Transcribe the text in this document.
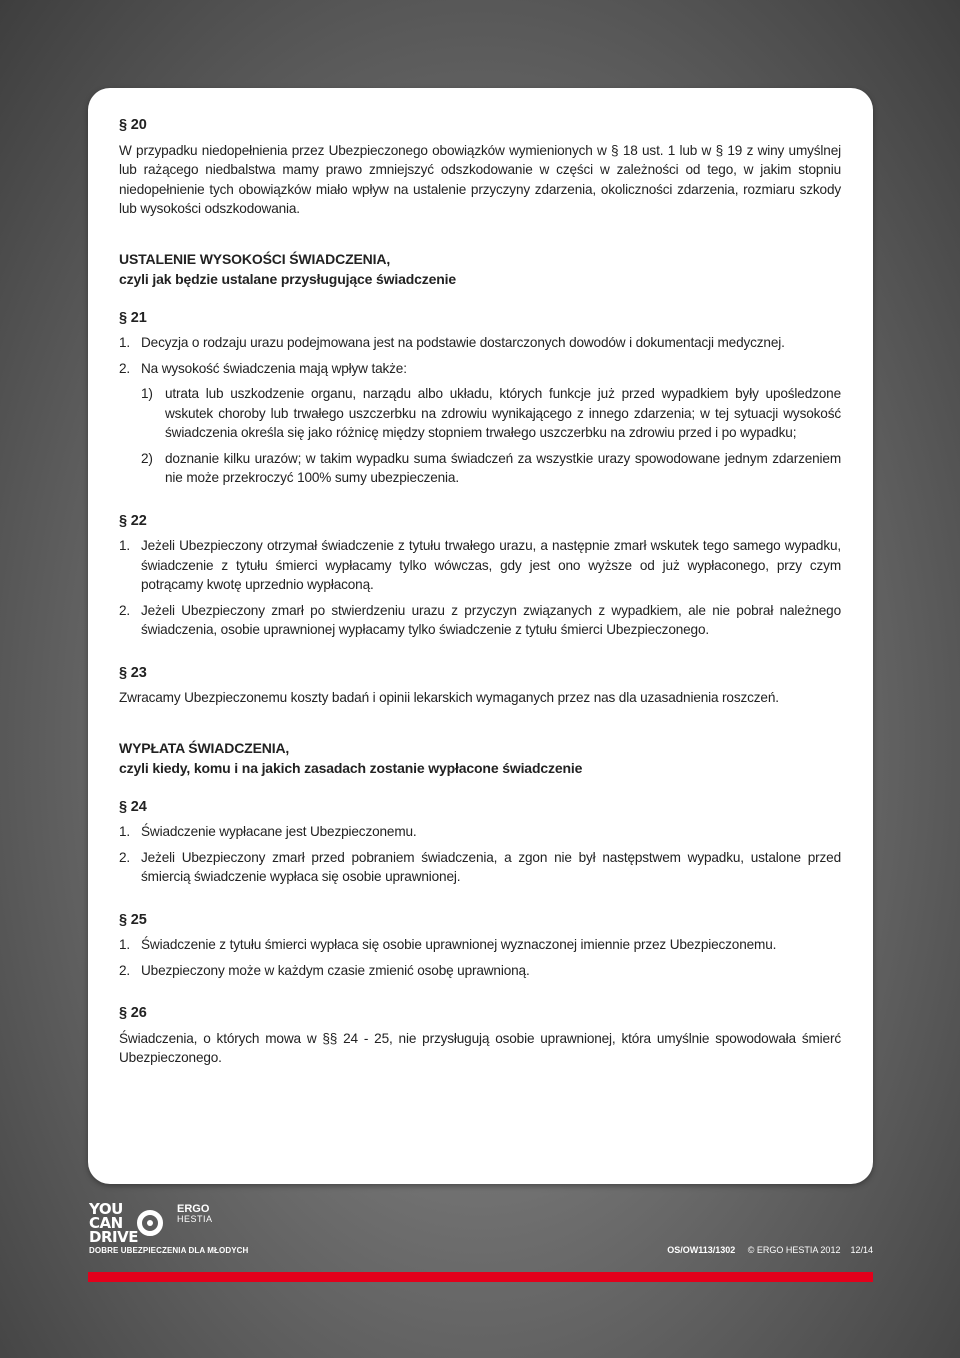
§ 20

W przypadku niedopełnienia przez Ubezpieczonego obowiązków wymienionych w § 18 ust. 1 lub w § 19 z winy umyślnej lub rażącego niedbalstwa mamy prawo zmniejszyć odszkodowanie w części w zależności od tego, w jakim stopniu niedopełnienie tych obowiązków miało wpływ na ustalenie przyczyny zdarzenia, okoliczności zdarzenia, rozmiaru szkody lub wysokości odszkodowania.

USTALENIE WYSOKOŚCI ŚWIADCZENIA,

czyli jak będzie ustalane przysługujące świadczenie

§ 21

1. Decyzja o rodzaju urazu podejmowana jest na podstawie dostarczonych dowodów i dokumentacji medycznej.
2. Na wysokość świadczenia mają wpływ także:
1) utrata lub uszkodzenie organu, narządu albo układu, których funkcje już przed wypadkiem były upośledzone wskutek choroby lub trwałego uszczerbku na zdrowiu wynikającego z innego zdarzenia; w tej sytuacji wysokość świadczenia określa się jako różnicę między stopniem trwałego uszczerbku na zdrowiu przed i po wypadku;
2) doznanie kilku urazów; w takim wypadku suma świadczeń za wszystkie urazy spowodowane jednym zdarzeniem nie może przekroczyć 100% sumy ubezpieczenia.

§ 22

1. Jeżeli Ubezpieczony otrzymał świadczenie z tytułu trwałego urazu, a następnie zmarł wskutek tego samego wypadku, świadczenie z tytułu śmierci wypłacamy tylko wówczas, gdy jest ono wyższe od już wypłaconego, przy czym potrącamy kwotę uprzednio wypłaconą.
2. Jeżeli Ubezpieczony zmarł po stwierdzeniu urazu z przyczyn związanych z wypadkiem, ale nie pobrał należnego świadczenia, osobie uprawnionej wypłacamy tylko świadczenie z tytułu śmierci Ubezpieczonego.

§ 23

Zwracamy Ubezpieczonemu koszty badań i opinii lekarskich wymaganych przez nas dla uzasadnienia roszczeń.

WYPŁATA ŚWIADCZENIA,

czyli kiedy, komu i na jakich zasadach zostanie wypłacone świadczenie

§ 24

1. Świadczenie wypłacane jest Ubezpieczonemu.
2. Jeżeli Ubezpieczony zmarł przed pobraniem świadczenia, a zgon nie był następstwem wypadku, ustalone przed śmiercią świadczenie wypłaca się osobie uprawnionej.

§ 25

1. Świadczenie z tytułu śmierci wypłaca się osobie uprawnionej wyznaczonej imiennie przez Ubezpieczonemu.
2. Ubezpieczony może w każdym czasie zmienić osobę uprawnioną.

§ 26

Świadczenia, o których mowa w §§ 24 - 25, nie przysługują osobie uprawnionej, która umyślnie spowodowała śmierć Ubezpieczonego.

YOU
CAN
DRIVE
ERGO
HESTIA
DOBRE UBEZPIECZENIA DLA MŁODYCH	OS/OW113/1302 © ERGO HESTIA 2012 12/14
